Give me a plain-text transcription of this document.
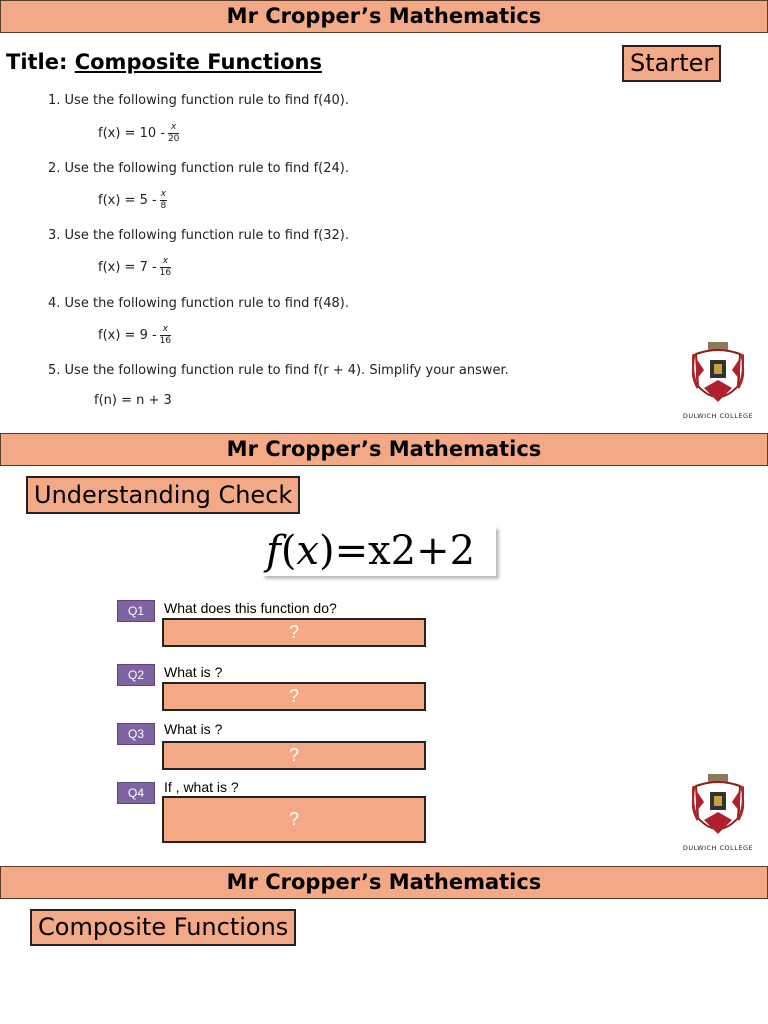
Mr Cropper’s Mathematics
Title: Composite Functions	Starter
1. Use the following function rule to find f(40).
$f(x) = 10 - \frac{x}{20}$
2. Use the following function rule to find f(24).
$f(x) = 5 - \frac{x}{8}$
3. Use the following function rule to find f(32).
$f(x) = 7 - \frac{x}{16}$
4. Use the following function rule to find f(48).
$f(x) = 9 - \frac{x}{16}$
5. Use the following function rule to find f(r + 4). Simplify your answer.
f(n) = n + 3
DULWICH COLLEGE
Mr Cropper’s Mathematics
Understanding Check
f(x)=x2+2
Q1	What does this function do?
?
Q2	What is ?
?
Q3	What is ?
?
Q4	If , what is ?
?
DULWICH COLLEGE
Mr Cropper’s Mathematics
Composite Functions
